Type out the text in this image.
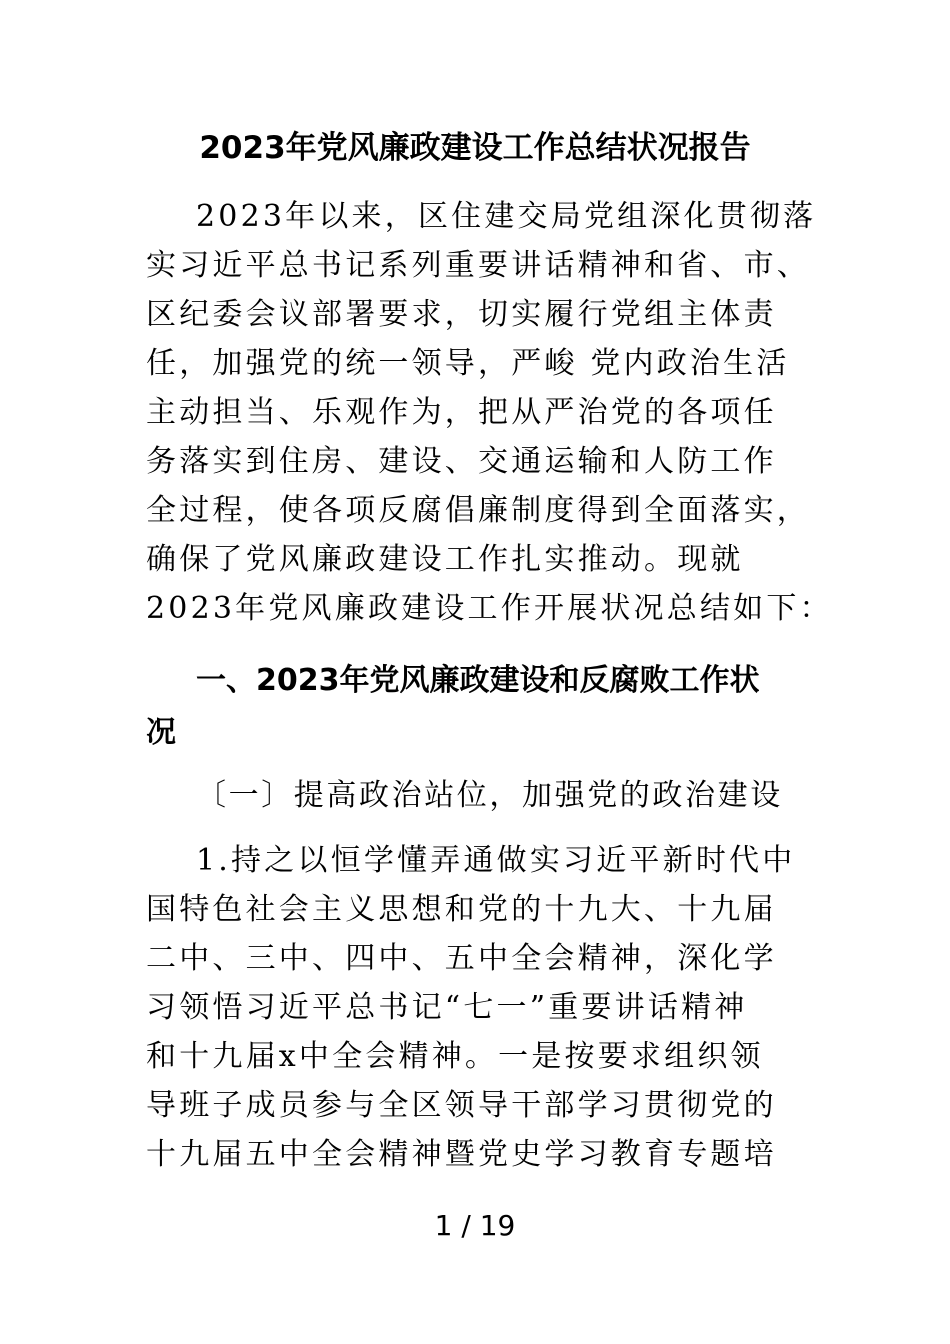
2023年党风廉政建设工作总结状况报告
2023年以来，区住建交局党组深化贯彻落
实习近平总书记系列重要讲话精神和省、市、
区纪委会议部署要求，切实履行党组主体责
任，加强党的统一领导，严峻 党内政治生活
主动担当、乐观作为，把从严治党的各项任
务落实到住房、建设、交通运输和人防工作
全过程，使各项反腐倡廉制度得到全面落实，
确保了党风廉政建设工作扎实推动。现就
2023年党风廉政建设工作开展状况总结如下：
一、2023年党风廉政建设和反腐败工作状
况
〔一〕提高政治站位，加强党的政治建设
1.持之以恒学懂弄通做实习近平新时代中
国特色社会主义思想和党的十九大、十九届
二中、三中、四中、五中全会精神，深化学
习领悟习近平总书记“七一”重要讲话精神
和十九届x中全会精神。一是按要求组织领
导班子成员参与全区领导干部学习贯彻党的
十九届五中全会精神暨党史学习教育专题培
1 / 19
